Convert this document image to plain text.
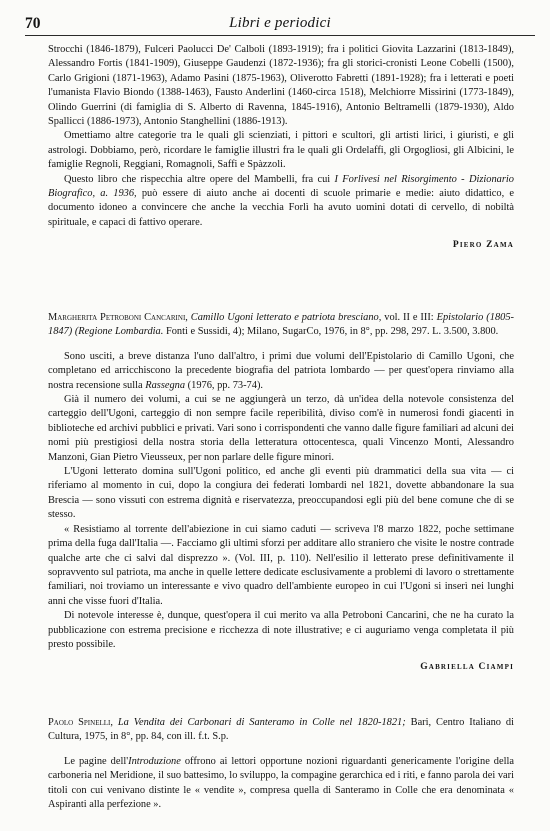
70	Libri e periodici

Strocchi (1846-1879), Fulceri Paolucci De' Calboli (1893-1919); fra i politici Giovita Lazzarini (1813-1849), Alessandro Fortis (1841-1909), Giuseppe Gaudenzi (1872-1936); fra gli storici-cronisti Leone Cobelli (1500), Carlo Grigioni (1871-1963), Adamo Pasini (1875-1963), Oliverotto Fabretti (1891-1928); fra i letterati e poeti l'umanista Flavio Biondo (1388-1463), Fausto Anderlini (1460-circa 1518), Melchiorre Missirini (1773-1849), Olindo Guerrini (di famiglia di S. Alberto di Ravenna, 1845-1916), Antonio Beltramelli (1879-1930), Aldo Spallicci (1886-1973), Antonio Stanghellini (1886-1913).

Omettiamo altre categorie tra le quali gli scienziati, i pittori e scultori, gli artisti lirici, i giuristi, e gli astrologi. Dobbiamo, però, ricordare le famiglie illustri fra le quali gli Ordelaffi, gli Orgogliosi, gli Albicini, le famiglie Regnoli, Reggiani, Romagnoli, Saffi e Spàzzoli.

Questo libro che rispecchia altre opere del Mambelli, fra cui I Forlivesi nel Risorgimento - Dizionario Biografico, a. 1936, può essere di aiuto anche ai docenti di scuole primarie e medie: aiuto didattico, e documento idoneo a convincere che anche la vecchia Forlì ha avuto uomini dotati di cervello, di nobiltà spirituale, e capaci di fattivo operare.

Piero Zama

Margherita Petroboni Cancarini, Camillo Ugoni letterato e patriota bresciano, vol. II e III: Epistolario (1805-1847) (Regione Lombardia. Fonti e Sussidi, 4); Milano, SugarCo, 1976, in 8°, pp. 298, 297. L. 3.500, 3.800.

Sono usciti, a breve distanza l'uno dall'altro, i primi due volumi dell'Epistolario di Camillo Ugoni, che completano ed arricchiscono la precedente biografia del patriota lombardo — per quest'opera rinviamo alla nostra recensione sulla Rassegna (1976, pp. 73-74).

Già il numero dei volumi, a cui se ne aggiungerà un terzo, dà un'idea della notevole consistenza del carteggio dell'Ugoni, carteggio di non sempre facile reperibilità, diviso com'è in numerosi fondi giacenti in biblioteche ed archivi pubblici e privati. Vari sono i corrispondenti che vanno dalle figure familiari ad alcuni dei nomi più prestigiosi della nostra storia della letteratura ottocentesca, quali Vincenzo Monti, Alessandro Manzoni, Gian Pietro Vieusseux, per non parlare delle figure minori.

L'Ugoni letterato domina sull'Ugoni politico, ed anche gli eventi più drammatici della sua vita — ci riferiamo al momento in cui, dopo la congiura dei federati lombardi nel 1821, dovette abbandonare la sua Brescia — sono vissuti con estrema dignità e riservatezza, preoccupandosi egli più del bene comune che di se stesso.

« Resistiamo al torrente dell'abiezione in cui siamo caduti — scriveva l'8 marzo 1822, poche settimane prima della fuga dall'Italia —. Facciamo gli ultimi sforzi per additare allo straniero che visite le nostre contrade qualche arte che ci salvi dal disprezzo ». (Vol. III, p. 110). Nell'esilio il letterato prese definitivamente il sopravvento sul patriota, ma anche in quelle lettere dedicate esclusivamente a problemi di lavoro o strettamente familiari, noi troviamo un interessante e vivo quadro dell'ambiente europeo in cui l'Ugoni si inserì nei lunghi anni che visse fuori d'Italia.

Di notevole interesse è, dunque, quest'opera il cui merito va alla Petroboni Cancarini, che ne ha curato la pubblicazione con estrema precisione e ricchezza di note illustrative; e ci auguriamo venga completata il più presto possibile.

Gabriella Ciampi

Paolo Spinelli, La Vendita dei Carbonari di Santeramo in Colle nel 1820-1821; Bari, Centro Italiano di Cultura, 1975, in 8°, pp. 84, con ill. f.t. S.p.

Le pagine dell'Introduzione offrono ai lettori opportune nozioni riguardanti genericamente l'origine della carboneria nel Meridione, il suo battesimo, lo sviluppo, la compagine gerarchica ed i riti, e fanno parola dei vari titoli con cui venivano distinte le « vendite », compresa quella di Santeramo in Colle che era denominata « Aspiranti alla perfezione ».
